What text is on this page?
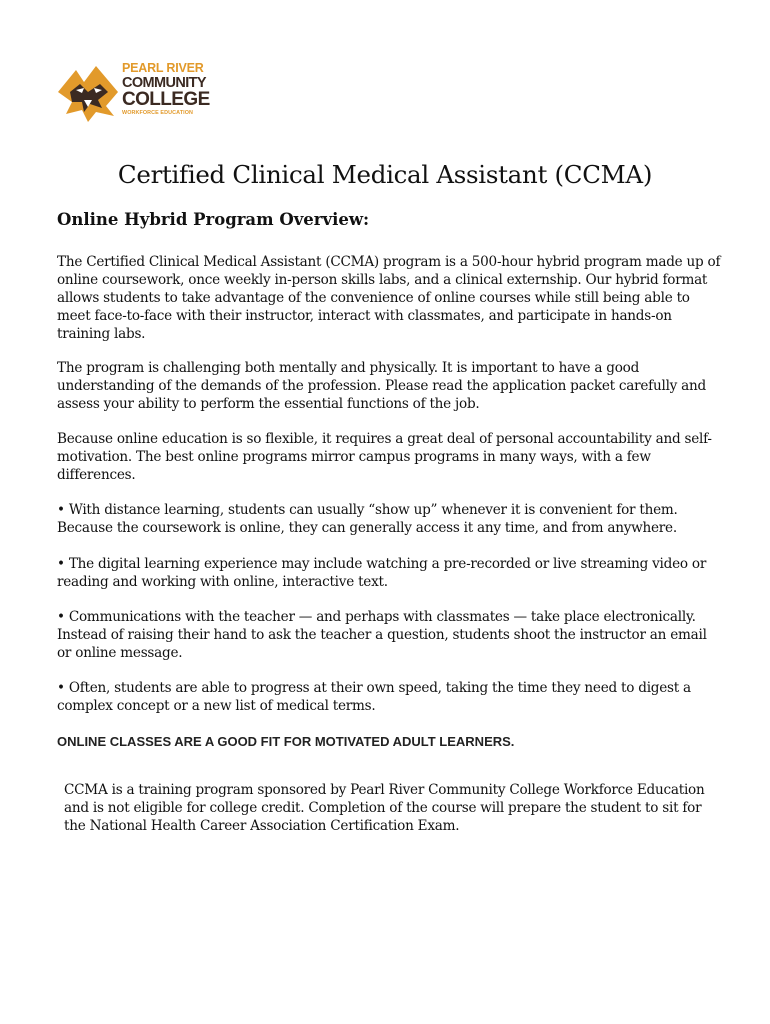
PEARL RIVER
COMMUNITY
COLLEGE
WORKFORCE EDUCATION
Certified Clinical Medical Assistant (CCMA)
Online Hybrid Program Overview:

The Certified Clinical Medical Assistant (CCMA) program is a 500-hour hybrid program made up of online coursework, once weekly in-person skills labs, and a clinical externship. Our hybrid format allows students to take advantage of the convenience of online courses while still being able to meet face-to-face with their instructor, interact with classmates, and participate in hands-on training labs.

The program is challenging both mentally and physically. It is important to have a good understanding of the demands of the profession. Please read the application packet carefully and assess your ability to perform the essential functions of the job.

Because online education is so flexible, it requires a great deal of personal accountability and self-motivation. The best online programs mirror campus programs in many ways, with a few differences.

• With distance learning, students can usually “show up” whenever it is convenient for them. Because the coursework is online, they can generally access it any time, and from anywhere.

• The digital learning experience may include watching a pre-recorded or live streaming video or reading and working with online, interactive text.

• Communications with the teacher — and perhaps with classmates — take place electronically. Instead of raising their hand to ask the teacher a question, students shoot the instructor an email or online message.

• Often, students are able to progress at their own speed, taking the time they need to digest a complex concept or a new list of medical terms.

ONLINE CLASSES ARE A GOOD FIT FOR MOTIVATED ADULT LEARNERS.

CCMA is a training program sponsored by Pearl River Community College Workforce Education and is not eligible for college credit. Completion of the course will prepare the student to sit for the National Health Career Association Certification Exam.
